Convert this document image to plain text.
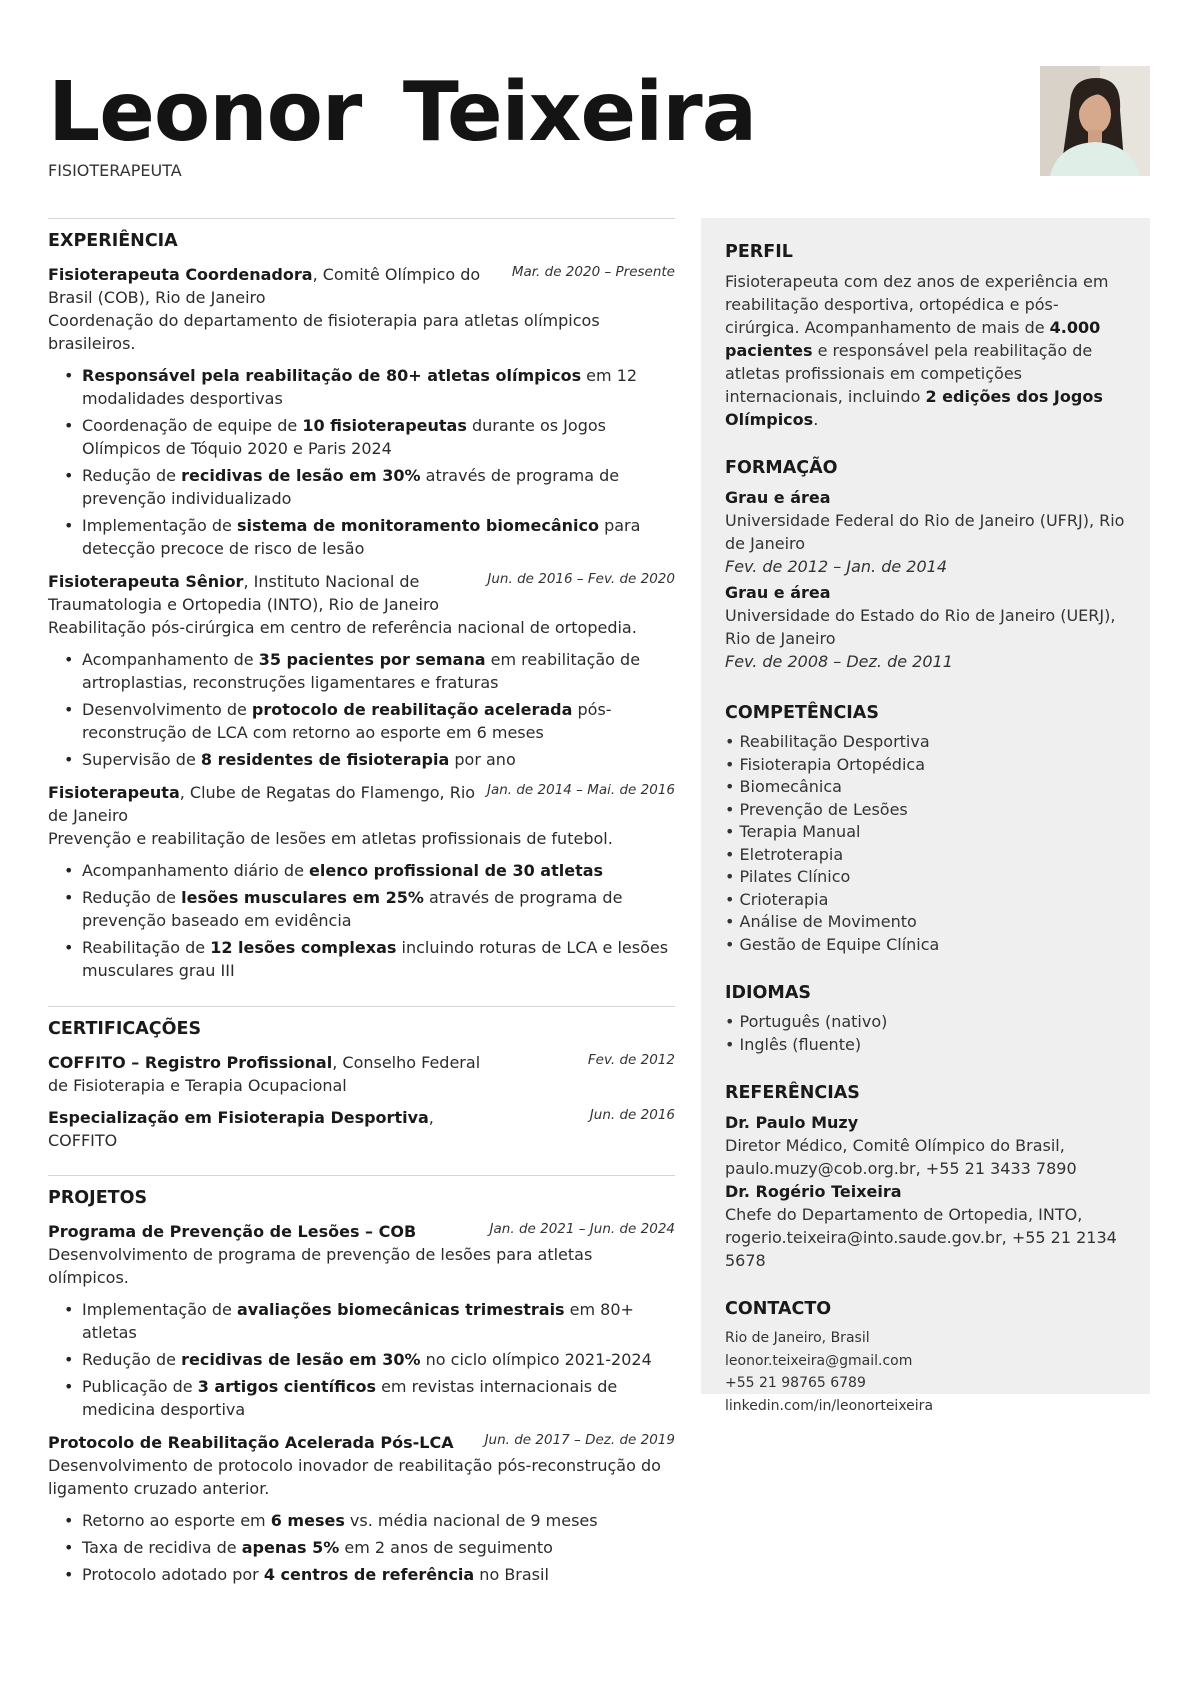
Leonor Teixeira
FISIOTERAPEUTA
EXPERIÊNCIA
Fisioterapeuta Coordenadora, Comitê Olímpico do Brasil (COB), Rio de Janeiro
Mar. de 2020 – Presente
Coordenação do departamento de fisioterapia para atletas olímpicos brasileiros.
• Responsável pela reabilitação de 80+ atletas olímpicos em 12 modalidades desportivas
• Coordenação de equipe de 10 fisioterapeutas durante os Jogos Olímpicos de Tóquio 2020 e Paris 2024
• Redução de recidivas de lesão em 30% através de programa de prevenção individualizado
• Implementação de sistema de monitoramento biomecânico para detecção precoce de risco de lesão
Fisioterapeuta Sênior, Instituto Nacional de Traumatologia e Ortopedia (INTO), Rio de Janeiro
Jun. de 2016 – Fev. de 2020
Reabilitação pós-cirúrgica em centro de referência nacional de ortopedia.
• Acompanhamento de 35 pacientes por semana em reabilitação de artroplastias, reconstruções ligamentares e fraturas
• Desenvolvimento de protocolo de reabilitação acelerada pós-reconstrução de LCA com retorno ao esporte em 6 meses
• Supervisão de 8 residentes de fisioterapia por ano
Fisioterapeuta, Clube de Regatas do Flamengo, Rio de Janeiro
Jan. de 2014 – Mai. de 2016
Prevenção e reabilitação de lesões em atletas profissionais de futebol.
• Acompanhamento diário de elenco profissional de 30 atletas
• Redução de lesões musculares em 25% através de programa de prevenção baseado em evidência
• Reabilitação de 12 lesões complexas incluindo roturas de LCA e lesões musculares grau III
CERTIFICAÇÕES
COFFITO – Registro Profissional, Conselho Federal de Fisioterapia e Terapia Ocupacional
Fev. de 2012
Especialização em Fisioterapia Desportiva, COFFITO
Jun. de 2016
PROJETOS
Programa de Prevenção de Lesões – COB	Jan. de 2021 – Jun. de 2024
Desenvolvimento de programa de prevenção de lesões para atletas olímpicos.
• Implementação de avaliações biomecânicas trimestrais em 80+ atletas
• Redução de recidivas de lesão em 30% no ciclo olímpico 2021-2024
• Publicação de 3 artigos científicos em revistas internacionais de medicina desportiva
Protocolo de Reabilitação Acelerada Pós-LCA	Jun. de 2017 – Dez. de 2019
Desenvolvimento de protocolo inovador de reabilitação pós-reconstrução do ligamento cruzado anterior.
• Retorno ao esporte em 6 meses vs. média nacional de 9 meses
• Taxa de recidiva de apenas 5% em 2 anos de seguimento
• Protocolo adotado por 4 centros de referência no Brasil
PERFIL
Fisioterapeuta com dez anos de experiência em reabilitação desportiva, ortopédica e pós-cirúrgica. Acompanhamento de mais de 4.000 pacientes e responsável pela reabilitação de atletas profissionais em competições internacionais, incluindo 2 edições dos Jogos Olímpicos.
FORMAÇÃO
Grau e área
Universidade Federal do Rio de Janeiro (UFRJ), Rio de Janeiro
Fev. de 2012 – Jan. de 2014
Grau e área
Universidade do Estado do Rio de Janeiro (UERJ), Rio de Janeiro
Fev. de 2008 – Dez. de 2011
COMPETÊNCIAS
• Reabilitação Desportiva
• Fisioterapia Ortopédica
• Biomecânica
• Prevenção de Lesões
• Terapia Manual
• Eletroterapia
• Pilates Clínico
• Crioterapia
• Análise de Movimento
• Gestão de Equipe Clínica
IDIOMAS
• Português (nativo)
• Inglês (fluente)
REFERÊNCIAS
Dr. Paulo Muzy
Diretor Médico, Comitê Olímpico do Brasil, paulo.muzy@cob.org.br, +55 21 3433 7890
Dr. Rogério Teixeira
Chefe do Departamento de Ortopedia, INTO, rogerio.teixeira@into.saude.gov.br, +55 21 2134 5678
CONTACTO
Rio de Janeiro, Brasil
leonor.teixeira@gmail.com
+55 21 98765 6789
linkedin.com/in/leonorteixeira
